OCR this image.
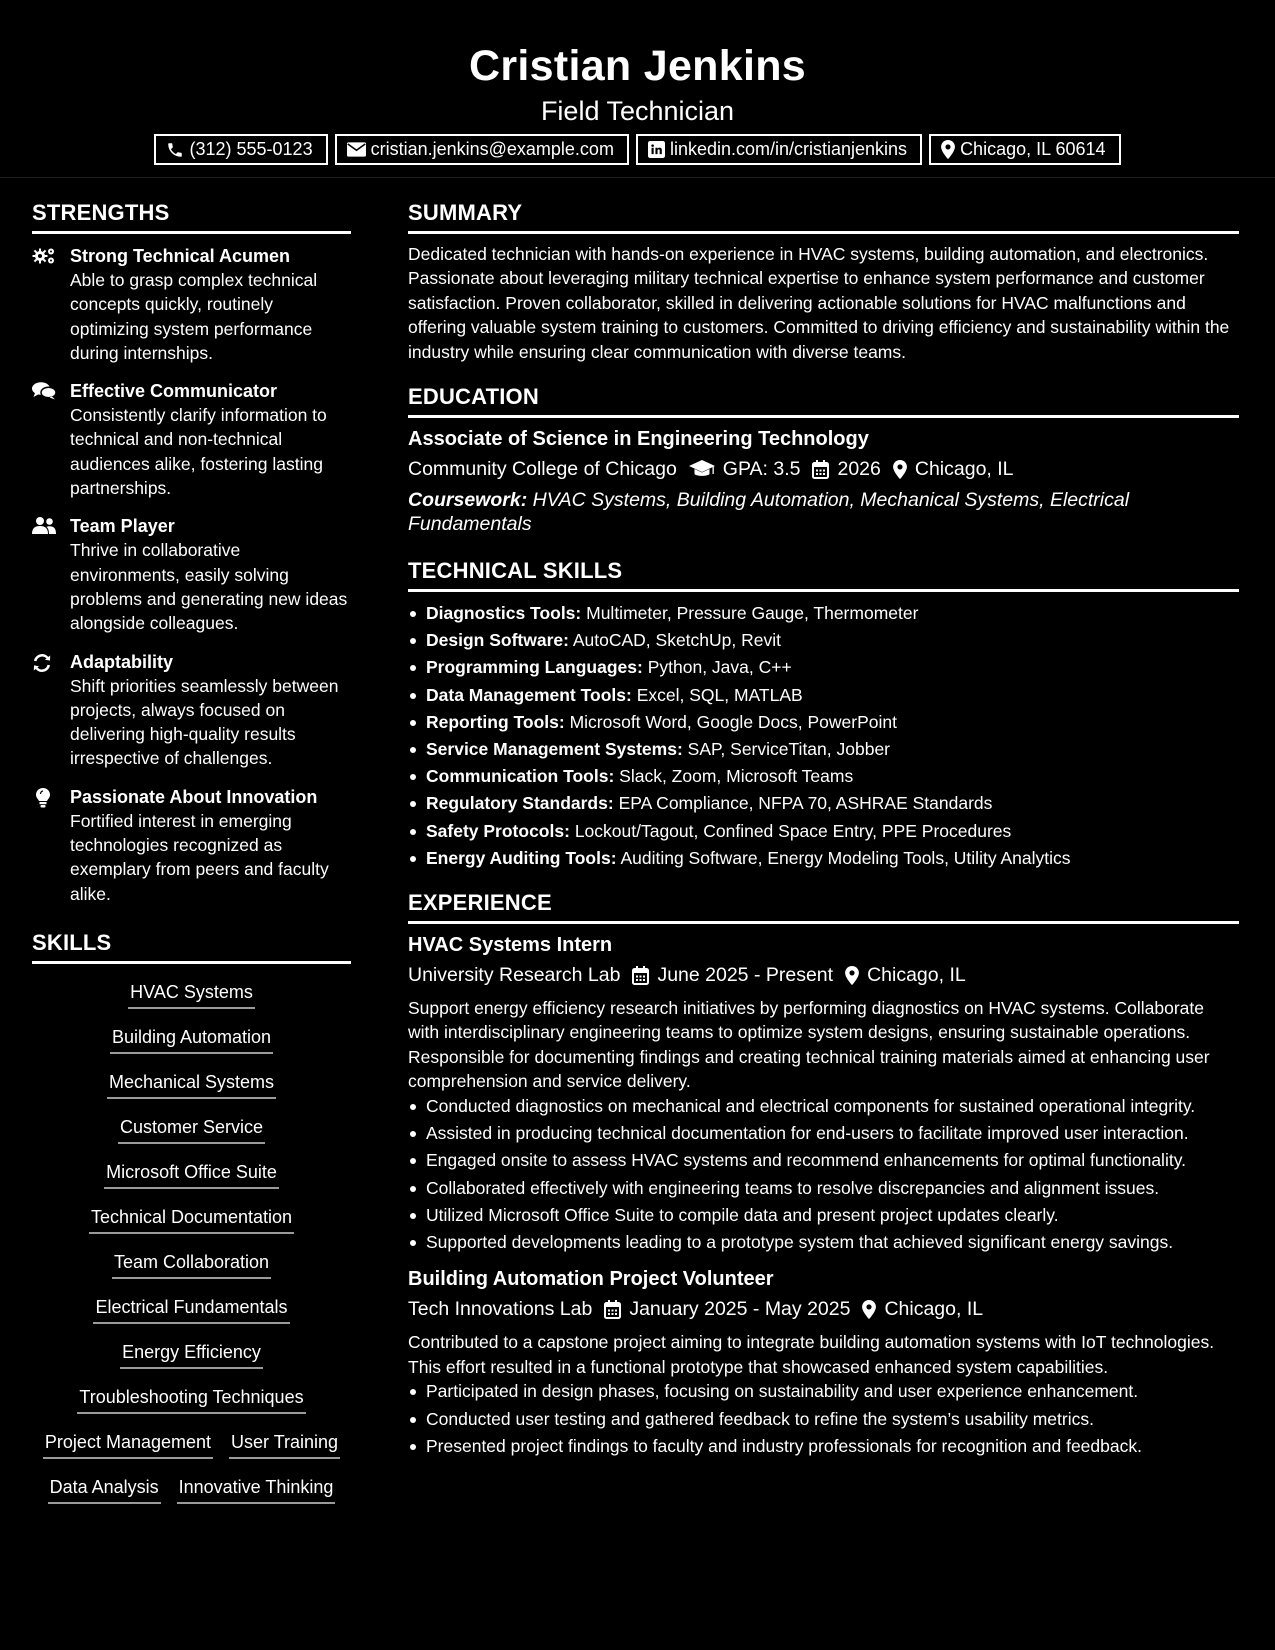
Cristian Jenkins
Field Technician
(312) 555-0123	cristian.jenkins@example.com	linkedin.com/in/cristianjenkins	Chicago, IL 60614
STRENGTHS
Strong Technical Acumen
Able to grasp complex technical concepts quickly, routinely optimizing system performance during internships.
Effective Communicator
Consistently clarify information to technical and non-technical audiences alike, fostering lasting partnerships.
Team Player
Thrive in collaborative environments, easily solving problems and generating new ideas alongside colleagues.
Adaptability
Shift priorities seamlessly between projects, always focused on delivering high-quality results irrespective of challenges.
Passionate About Innovation
Fortified interest in emerging technologies recognized as exemplary from peers and faculty alike.
SKILLS
HVAC Systems
Building Automation
Mechanical Systems
Customer Service
Microsoft Office Suite
Technical Documentation
Team Collaboration
Electrical Fundamentals
Energy Efficiency
Troubleshooting Techniques
Project Management User Training
Data Analysis Innovative Thinking
SUMMARY
Dedicated technician with hands-on experience in HVAC systems, building automation, and electronics. Passionate about leveraging military technical expertise to enhance system performance and customer satisfaction. Proven collaborator, skilled in delivering actionable solutions for HVAC malfunctions and offering valuable system training to customers. Committed to driving efficiency and sustainability within the industry while ensuring clear communication with diverse teams.
EDUCATION
Associate of Science in Engineering Technology
Community College of Chicago GPA: 3.5 2026 Chicago, IL
Coursework: HVAC Systems, Building Automation, Mechanical Systems, Electrical Fundamentals
TECHNICAL SKILLS
Diagnostics Tools: Multimeter, Pressure Gauge, Thermometer
Design Software: AutoCAD, SketchUp, Revit
Programming Languages: Python, Java, C++
Data Management Tools: Excel, SQL, MATLAB
Reporting Tools: Microsoft Word, Google Docs, PowerPoint
Service Management Systems: SAP, ServiceTitan, Jobber
Communication Tools: Slack, Zoom, Microsoft Teams
Regulatory Standards: EPA Compliance, NFPA 70, ASHRAE Standards
Safety Protocols: Lockout/Tagout, Confined Space Entry, PPE Procedures
Energy Auditing Tools: Auditing Software, Energy Modeling Tools, Utility Analytics
EXPERIENCE
HVAC Systems Intern
University Research Lab June 2025 - Present Chicago, IL
Support energy efficiency research initiatives by performing diagnostics on HVAC systems. Collaborate with interdisciplinary engineering teams to optimize system designs, ensuring sustainable operations. Responsible for documenting findings and creating technical training materials aimed at enhancing user comprehension and service delivery.
Conducted diagnostics on mechanical and electrical components for sustained operational integrity.
Assisted in producing technical documentation for end-users to facilitate improved user interaction.
Engaged onsite to assess HVAC systems and recommend enhancements for optimal functionality.
Collaborated effectively with engineering teams to resolve discrepancies and alignment issues.
Utilized Microsoft Office Suite to compile data and present project updates clearly.
Supported developments leading to a prototype system that achieved significant energy savings.
Building Automation Project Volunteer
Tech Innovations Lab January 2025 - May 2025 Chicago, IL
Contributed to a capstone project aiming to integrate building automation systems with IoT technologies. This effort resulted in a functional prototype that showcased enhanced system capabilities.
Participated in design phases, focusing on sustainability and user experience enhancement.
Conducted user testing and gathered feedback to refine the system’s usability metrics.
Presented project findings to faculty and industry professionals for recognition and feedback.
